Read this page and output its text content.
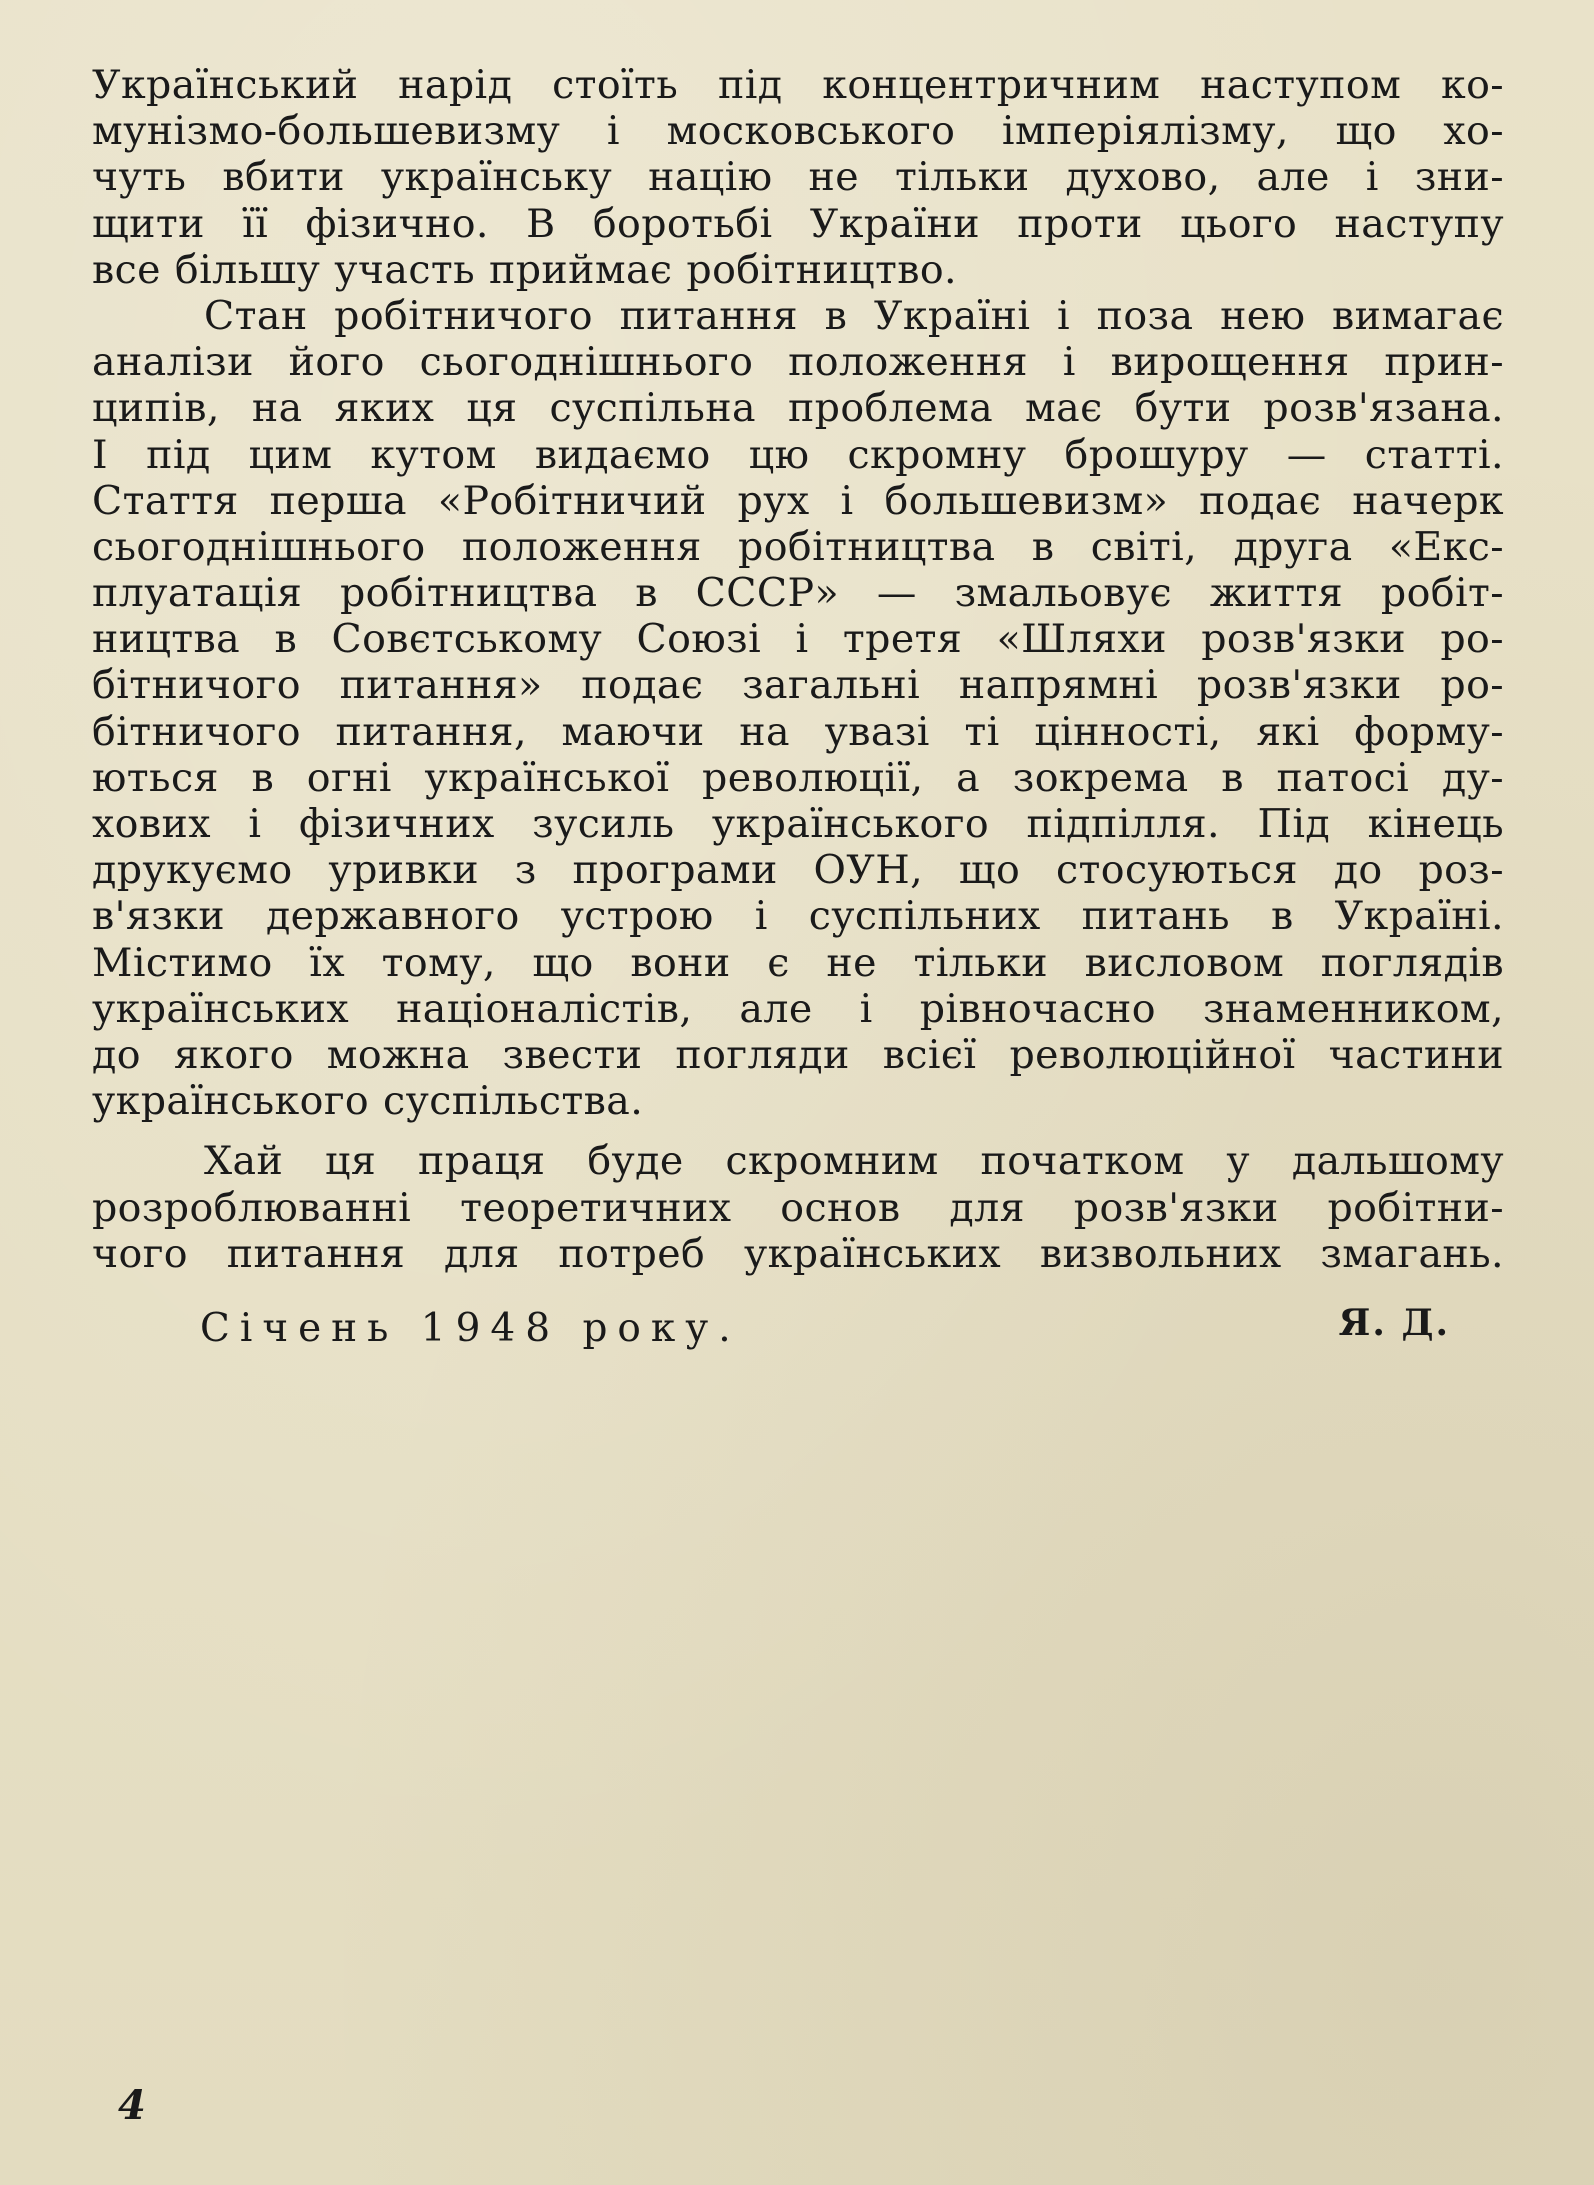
Український нарід стоїть під концентричним наступом ко-
мунізмо-большевизму і московського імперіялізму, що хо-
чуть вбити українську націю не тільки духово, але і зни-
щити її фізично. В боротьбі України проти цього наступу
все більшу участь приймає робітництво.
Стан робітничого питання в Україні і поза нею вимагає
аналізи його сьогоднішнього положення і вирощення прин-
ципів, на яких ця суспільна проблема має бути розв'язана.
І під цим кутом видаємо цю скромну брошуру — статті.
Стаття перша «Робітничий рух і большевизм» подає начерк
сьогоднішнього положення робітництва в світі, друга «Екс-
плуатація робітництва в СССР» — змальовує життя робіт-
ництва в Совєтському Союзі і третя «Шляхи розв'язки ро-
бітничого питання» подає загальні напрямні розв'язки ро-
бітничого питання, маючи на увазі ті цінності, які форму-
ються в огні української революції, а зокрема в патосі ду-
хових і фізичних зусиль українського підпілля. Під кінець
друкуємо уривки з програми ОУН, що стосуються до роз-
в'язки державного устрою і суспільних питань в Україні.
Містимо їх тому, що вони є не тільки висловом поглядів
українських націоналістів, але і рівночасно знаменником,
до якого можна звести погляди всієї революційної частини
українського суспільства.
Хай ця праця буде скромним початком у дальшому
розроблюванні теоретичних основ для розв'язки робітни-
чого питання для потреб українських визвольних змагань.
Січень 1948 року.	Я. Д.
4
